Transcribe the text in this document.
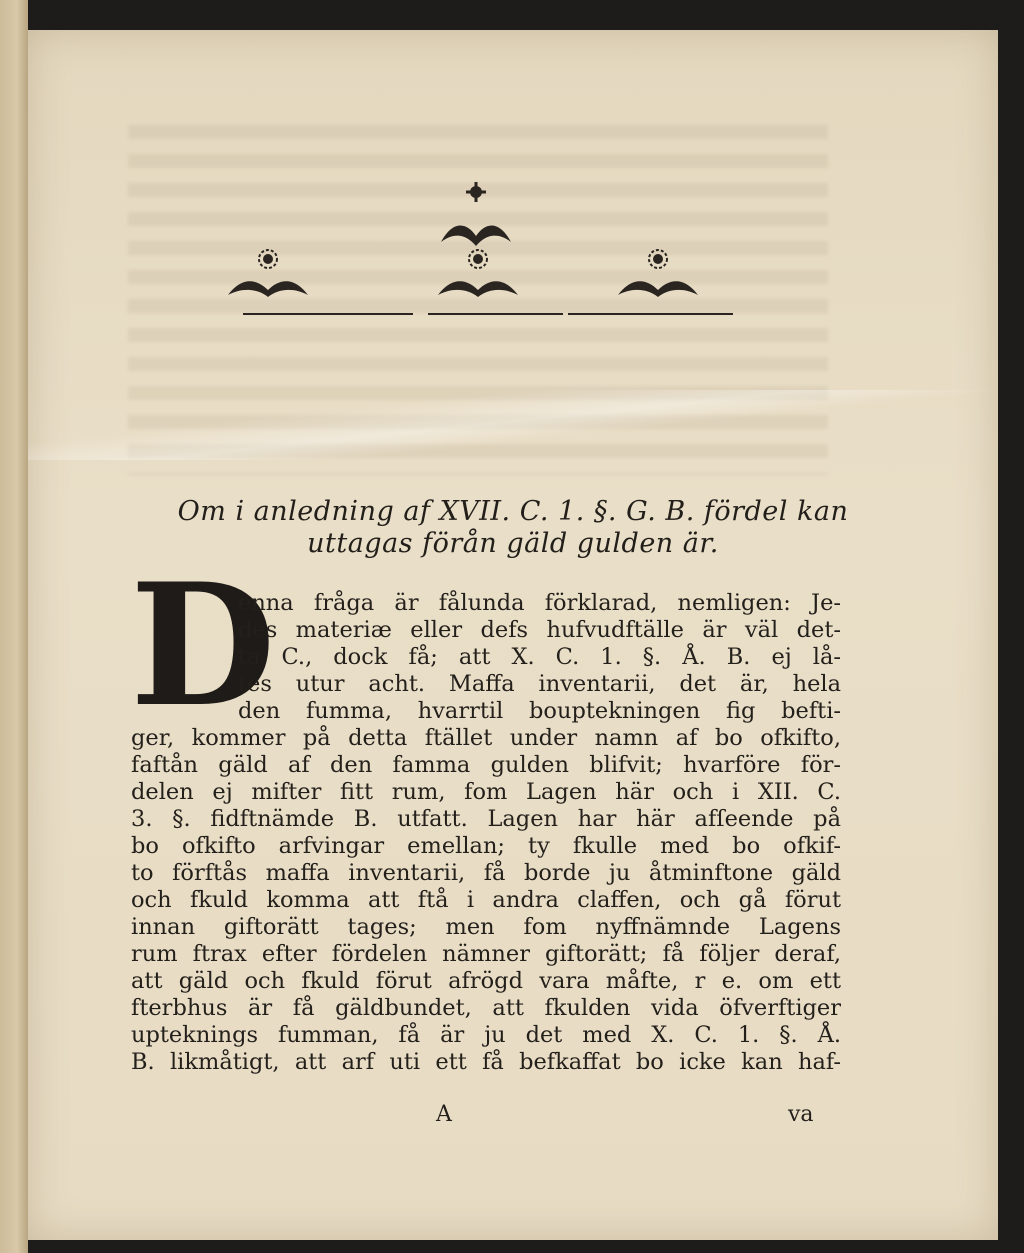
Om i anledning af XVII. C. 1. §. G. B. fördel kan
uttagas förån gäld gulden är.
D
enna fråga är fålunda förklarad, nemligen: Je-
des materiæ eller defs hufvudftälle är väl det-
ta C., dock få; att X. C. 1. §. Å. B. ej lå-
tes utur acht. Maffa inventarii, det är, hela
den fumma, hvarrtil bouptekningen fig befti-
ger, kommer på detta ftället under namn af bo ofkifto,
faftån gäld af den famma gulden blifvit; hvarföre för-
delen ej mifter fitt rum, fom Lagen här och i XII. C.
3. §. fidftnämde B. utfatt. Lagen har här afſeende på
bo ofkifto arfvingar emellan; ty fkulle med bo ofkif-
to förftås maffa inventarii, få borde ju åtminftone gäld
och fkuld komma att ftå i andra claffen, och gå förut
innan giftorätt tages; men fom nyffnämnde Lagens
rum ftrax efter fördelen nämner giftorätt; få följer deraf,
att gäld och fkuld förut afrögd vara måfte, r e. om ett
fterbhus är få gäldbundet, att fkulden vida öfverftiger
upteknings fumman, få är ju det med X. C. 1. §. Å.
B. likmåtigt, att arf uti ett få befkaffat bo icke kan haf-
A	va
